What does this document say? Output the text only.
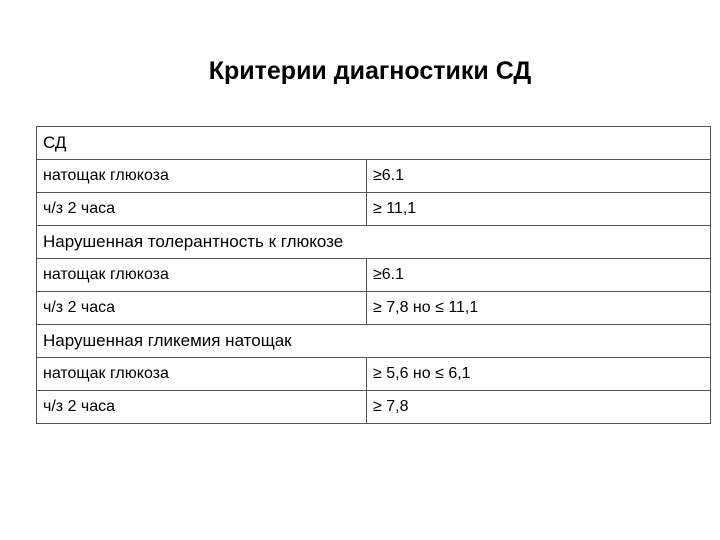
Критерии диагностики СД
СД	
натощак глюкоза	≥6.1
ч/з 2 часа	≥ 11,1
Нарушенная толерантность к глюкозе	
натощак глюкоза	≥6.1
ч/з 2 часа	≥ 7,8 но ≤ 11,1
Нарушенная гликемия натощак	
натощак глюкоза	≥ 5,6 но ≤ 6,1
ч/з 2 часа	≥ 7,8
